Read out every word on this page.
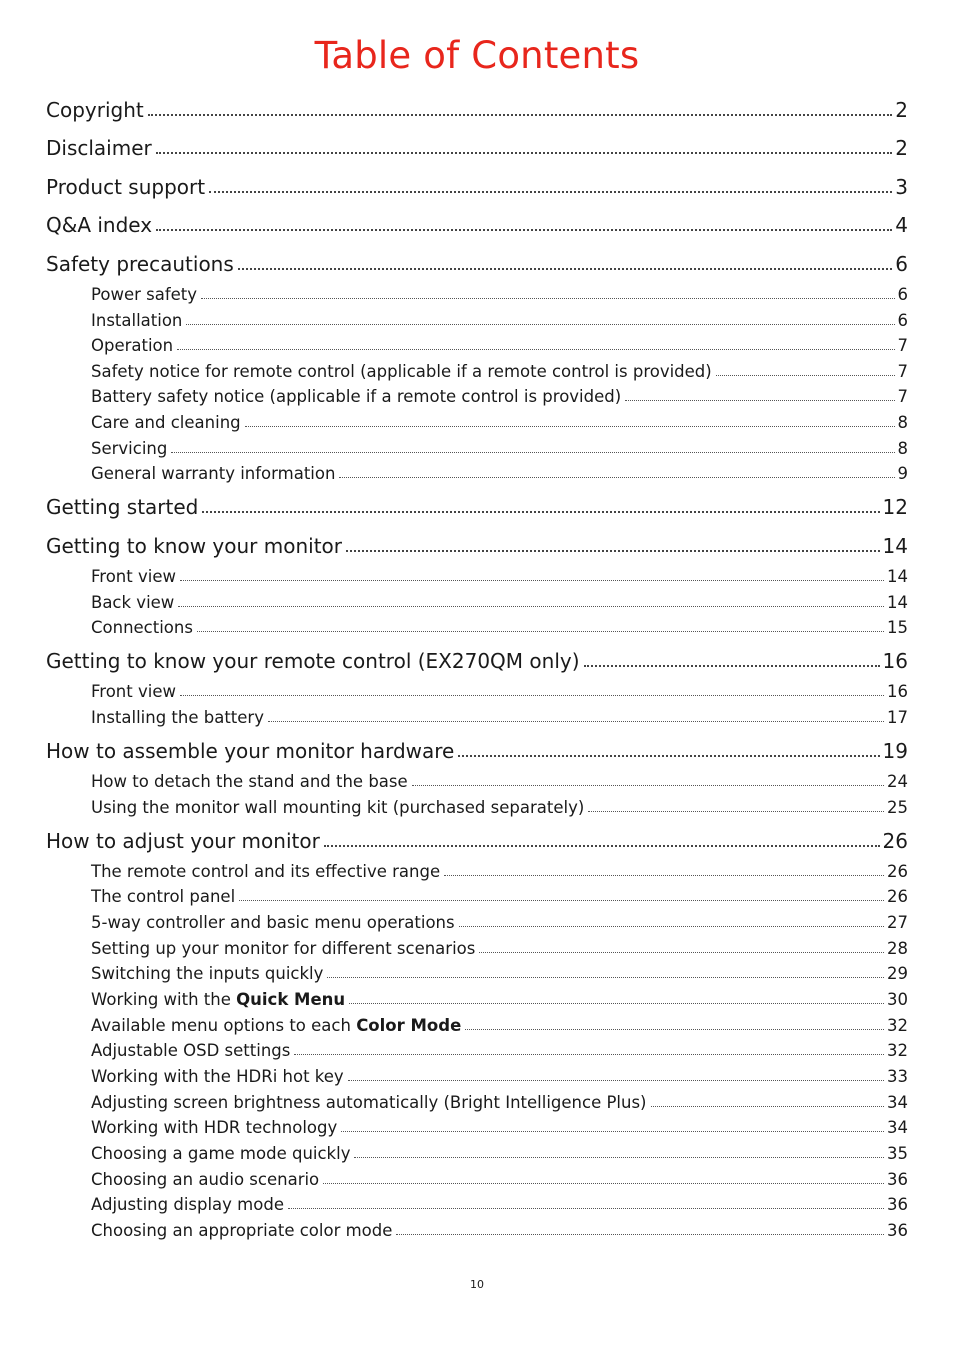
Table of Contents
Copyright	2
Disclaimer	2
Product support	3
Q&A index	4
Safety precautions	6
Power safety	6
Installation	6
Operation	7
Safety notice for remote control (applicable if a remote control is provided)	7
Battery safety notice (applicable if a remote control is provided)	7
Care and cleaning	8
Servicing	8
General warranty information	9
Getting started	12
Getting to know your monitor	14
Front view	14
Back view	14
Connections	15
Getting to know your remote control (EX270QM only)	16
Front view	16
Installing the battery	17
How to assemble your monitor hardware	19
How to detach the stand and the base	24
Using the monitor wall mounting kit (purchased separately)	25
How to adjust your monitor	26
The remote control and its effective range	26
The control panel	26
5-way controller and basic menu operations	27
Setting up your monitor for different scenarios	28
Switching the inputs quickly	29
Working with the Quick Menu	30
Available menu options to each Color Mode	32
Adjustable OSD settings	32
Working with the HDRi hot key	33
Adjusting screen brightness automatically (Bright Intelligence Plus)	34
Working with HDR technology	34
Choosing a game mode quickly	35
Choosing an audio scenario	36
Adjusting display mode	36
Choosing an appropriate color mode	36
10
